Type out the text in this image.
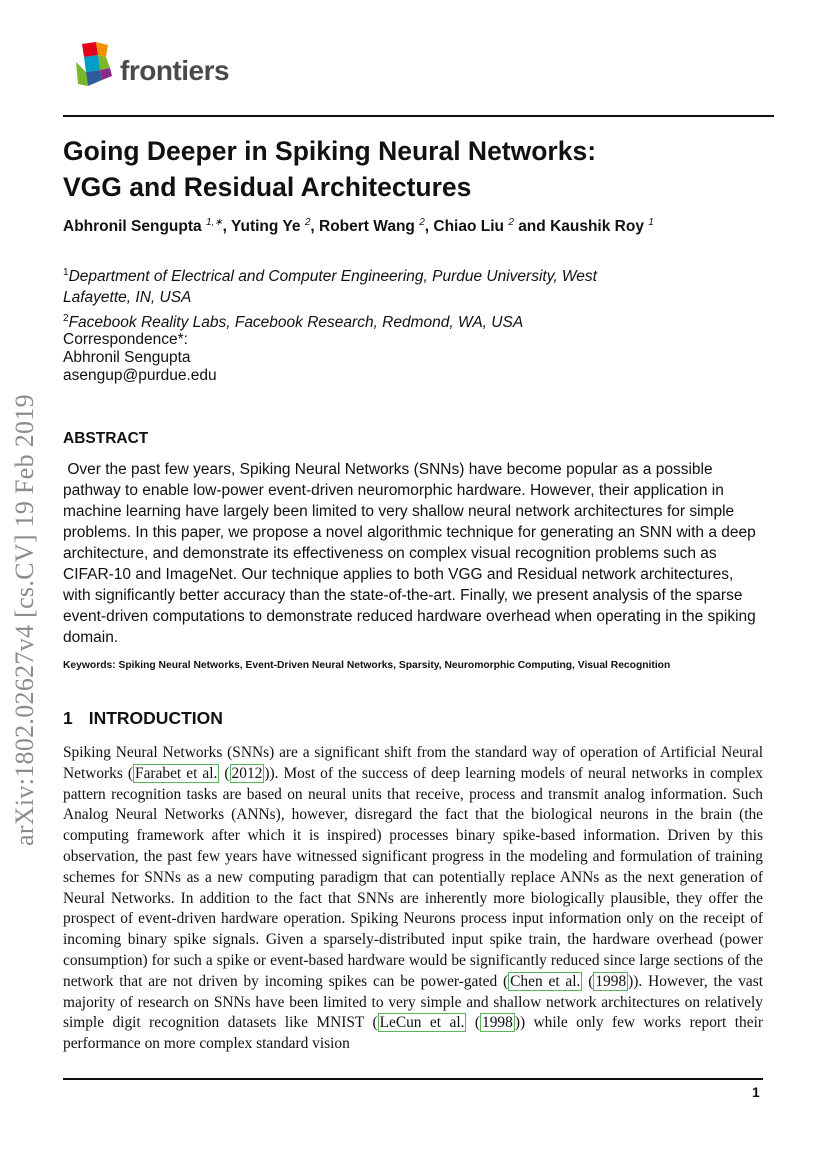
frontiers
arXiv:1802.02627v4 [cs.CV] 19 Feb 2019
Going Deeper in Spiking Neural Networks:
VGG and Residual Architectures
Abhronil Sengupta $^{1,∗}$, Yuting Ye $^2$, Robert Wang $^2$, Chiao Liu $^2$ and Kaushik Roy $^1$
$^1$Department of Electrical and Computer Engineering, Purdue University, West Lafayette, IN, USA
$^2$Facebook Reality Labs, Facebook Research, Redmond, WA, USA
Correspondence*:
Abhronil Sengupta
asengup@purdue.edu
ABSTRACT
Over the past few years, Spiking Neural Networks (SNNs) have become popular as a possible pathway to enable low-power event-driven neuromorphic hardware. However, their application in machine learning have largely been limited to very shallow neural network architectures for simple problems. In this paper, we propose a novel algorithmic technique for generating an SNN with a deep architecture, and demonstrate its effectiveness on complex visual recognition problems such as CIFAR-10 and ImageNet. Our technique applies to both VGG and Residual network architectures, with significantly better accuracy than the state-of-the-art. Finally, we present analysis of the sparse event-driven computations to demonstrate reduced hardware overhead when operating in the spiking domain.
Keywords: Spiking Neural Networks, Event-Driven Neural Networks, Sparsity, Neuromorphic Computing, Visual Recognition
1 INTRODUCTION
Spiking Neural Networks (SNNs) are a significant shift from the standard way of operation of Artificial Neural Networks ( Farabet et al. ( 2012 )). Most of the success of deep learning models of neural networks in complex pattern recognition tasks are based on neural units that receive, process and transmit analog information. Such Analog Neural Networks (ANNs), however, disregard the fact that the biological neurons in the brain (the computing framework after which it is inspired) processes binary spike-based information. Driven by this observation, the past few years have witnessed significant progress in the modeling and formulation of training schemes for SNNs as a new computing paradigm that can potentially replace ANNs as the next generation of Neural Networks. In addition to the fact that SNNs are inherently more biologically plausible, they offer the prospect of event-driven hardware operation. Spiking Neurons process input information only on the receipt of incoming binary spike signals. Given a sparsely-distributed input spike train, the hardware overhead (power consumption) for such a spike or event-based hardware would be significantly reduced since large sections of the network that are not driven by incoming spikes can be power-gated ( Chen et al. ( 1998 )). However, the vast majority of research on SNNs have been limited to very simple and shallow network architectures on relatively simple digit recognition datasets like MNIST ( LeCun et al. ( 1998 )) while only few works report their performance on more complex standard vision
1
